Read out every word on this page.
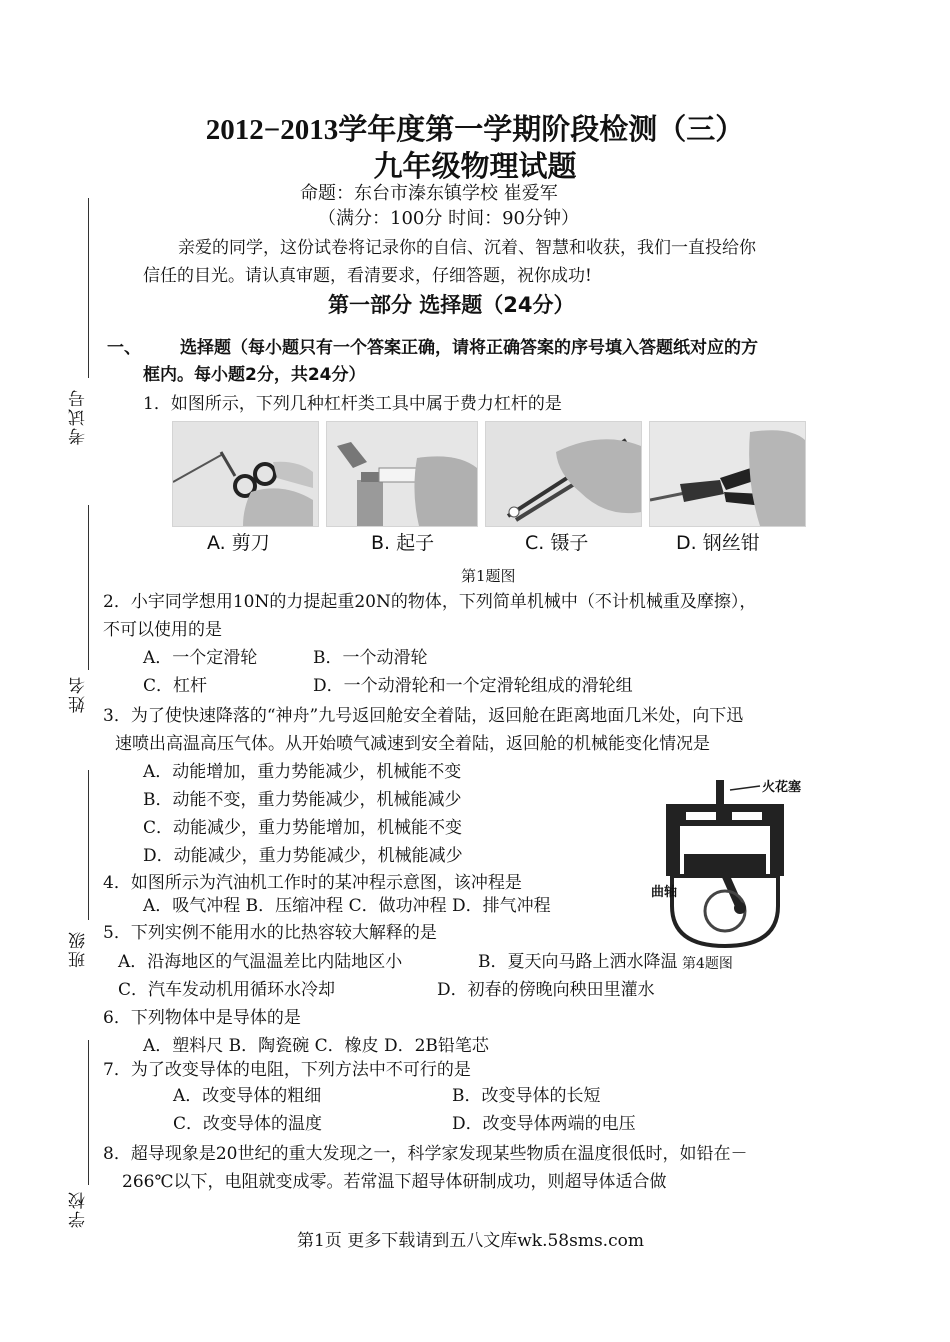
考试号
姓名
班级
学校
2012−2013学年度第一学期阶段检测（三）
九年级物理试题
命题：东台市溱东镇学校 崔爱军
（满分：100分 时间：90分钟）
亲爱的同学，这份试卷将记录你的自信、沉着、智慧和收获，我们一直投给你
信任的目光。请认真审题，看清要求，仔细答题，祝你成功!
第一部分 选择题（24分）
一、 选择题（每小题只有一个答案正确，请将正确答案的序号填入答题纸对应的方
框内。每小题2分，共24分）
1．如图所示，下列几种杠杆类工具中属于费力杠杆的是
A. 剪刀	B. 起子	C. 镊子	D. 钢丝钳
第1题图
2．小宇同学想用10N的力提起重20N的物体，下列简单机械中（不计机械重及摩擦），
不可以使用的是
A．一个定滑轮	B．一个动滑轮
C．杠杆	D．一个动滑轮和一个定滑轮组成的滑轮组
3．为了使快速降落的“神舟”九号返回舱安全着陆，返回舱在距离地面几米处，向下迅
速喷出高温高压气体。从开始喷气减速到安全着陆，返回舱的机械能变化情况是
A．动能增加，重力势能减少，机械能不变
B．动能不变，重力势能减少，机械能减少
C．动能减少，重力势能增加，机械能不变
D．动能减少，重力势能减少，机械能减少
火花塞
曲轴
4．如图所示为汽油机工作时的某冲程示意图，该冲程是
A．吸气冲程 B．压缩冲程 C．做功冲程 D．排气冲程
5．下列实例不能用水的比热容较大解释的是
A．沿海地区的气温温差比内陆地区小	B．夏天向马路上洒水降温 第4题图
C．汽车发动机用循环水冷却	D．初春的傍晚向秧田里灌水
6．下列物体中是导体的是
A．塑料尺 B．陶瓷碗 C．橡皮 D．2B铅笔芯
7．为了改变导体的电阻，下列方法中不可行的是
A．改变导体的粗细	B．改变导体的长短
C．改变导体的温度	D．改变导体两端的电压
8．超导现象是20世纪的重大发现之一，科学家发现某些物质在温度很低时，如铅在－
266℃以下，电阻就变成零。若常温下超导体研制成功，则超导体适合做
第1页 更多下载请到五八文库wk.58sms.com
